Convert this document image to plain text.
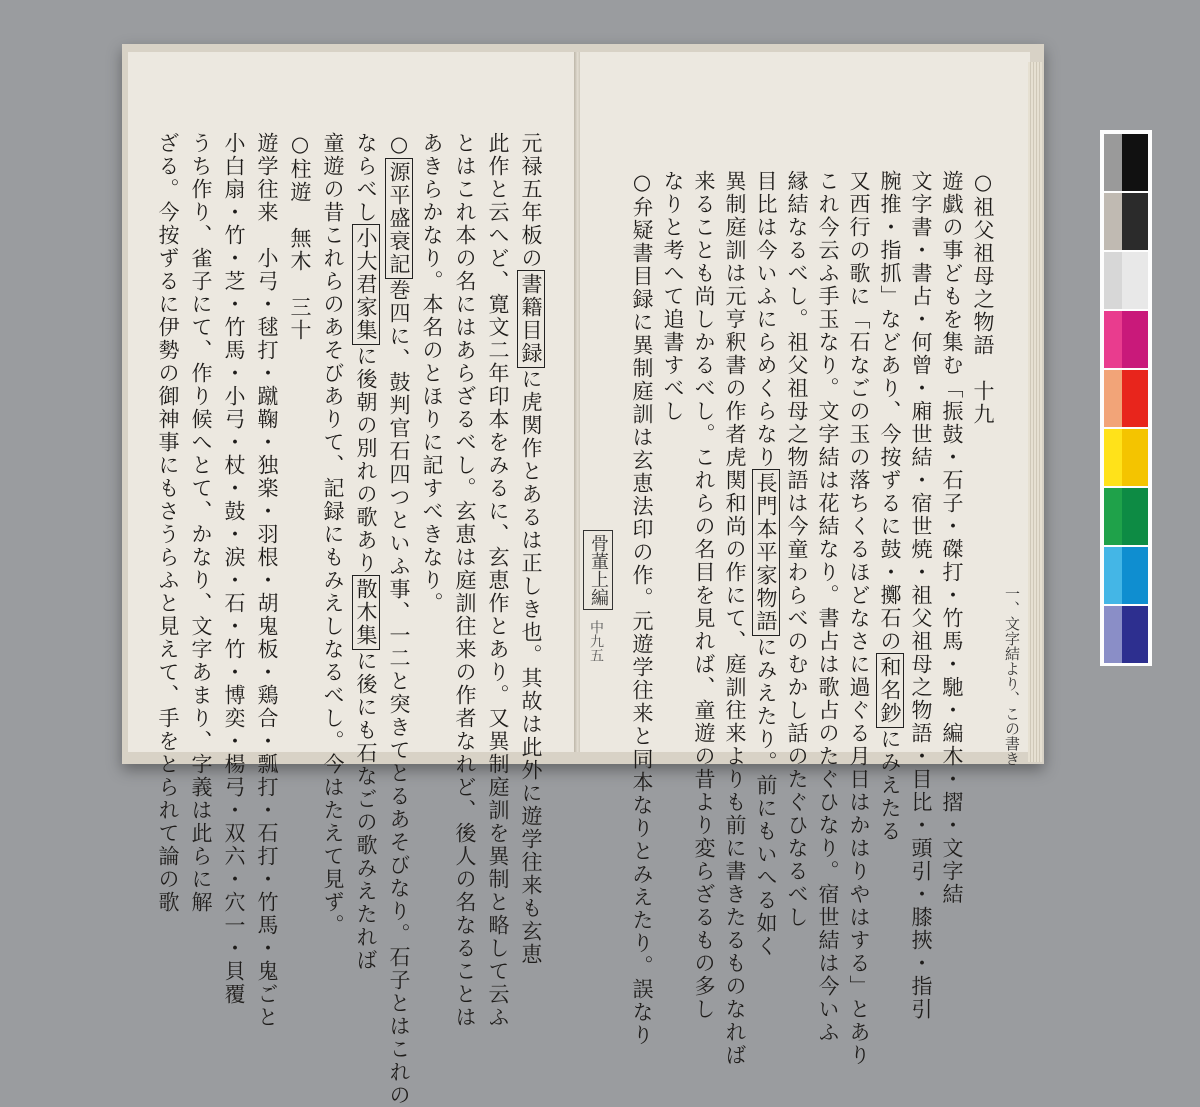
○祖父祖母之物語　十九
遊戯の事どもを集む「振鼓・石子・磔打・竹馬・馳・編木・摺・文字結
文字書・書占・何曾・廂世結・宿世焼・祖父祖母之物語・目比・頭引・膝挾・指引
腕推・指抓」などあり、今按ずるに鼓・擲石の和名鈔にみえたる
又西行の歌に「石なごの玉の落ちくるほどなさに過ぐる月日はかはりやはする」とあり
これ今云ふ手玉なり。文字結は花結なり。書占は歌占のたぐひなり。宿世結は今いふ
縁結なるべし。祖父祖母之物語は今童わらべのむかし話のたぐひなるべし
目比は今いふにらめくらなり長門本平家物語にみえたり。前にもいへる如く
異制庭訓は元亨釈書の作者虎関和尚の作にて、庭訓往来よりも前に書きたるものなれば
来ることも尚しかるべし。これらの名目を見れば、童遊の昔より変らざるもの多し
なりと考へて追書すべし
○弁疑書目録に異制庭訓は玄恵法印の作。元遊学往来と同本なりとみえたり。誤なり
元禄五年板の書籍目録に虎関作とあるは正しき也。其故は此外に遊学往来も玄恵
此作と云へど、寛文二年印本をみるに、玄恵作とあり。又異制庭訓を異制と略して云ふ
とはこれ本の名にはあらざるべし。玄恵は庭訓往来の作者なれど、後人の名なることは
あきらかなり。本名のとほりに記すべきなり。
○源平盛衰記巻四に、鼓判官石四つといふ事、一二と突きてとるあそびなり。石子とはこれの
ならべし小大君家集に後朝の別れの歌あり散木集に後にも石なごの歌みえたれば
童遊の昔これらのあそびありて、記録にもみえしなるべし。今はたえて見ず。
○柱遊　無木　三十
遊学往来　小弓・毬打・蹴鞠・独楽・羽根・胡鬼板・鶏合・瓢打・石打・竹馬・鬼ごと
小白扇・竹・芝・竹馬・小弓・杖・鼓・涙・石・竹・博奕・楊弓・双六・穴一・貝覆
うち作り、雀子にて、作り候へとて、かなり、文字あまり、字義は此らに解
ざる。今按ずるに伊勢の御神事にもさうらふと見えて、手をとられて論の歌	骨董上編
中九五	一、文字結より、この書き
